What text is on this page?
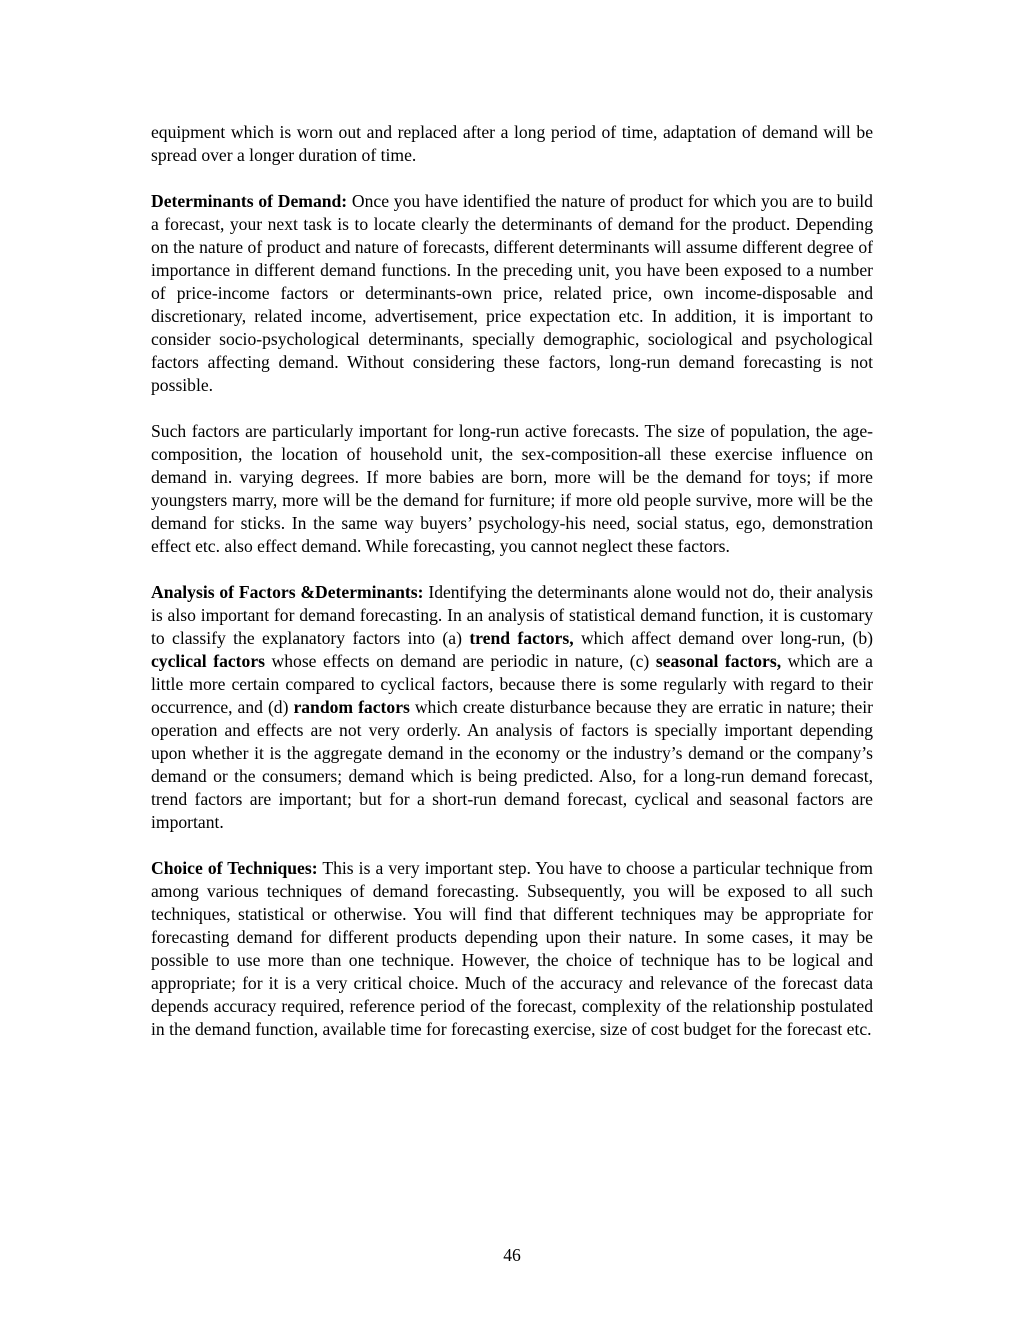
equipment which is worn out and replaced after a long period of time, adaptation of demand will be spread over a longer duration of time.

Determinants of Demand: Once you have identified the nature of product for which you are to build a forecast, your next task is to locate clearly the determinants of demand for the product. Depending on the nature of product and nature of forecasts, different determinants will assume different degree of importance in different demand functions. In the preceding unit, you have been exposed to a number of price-income factors or determinants-own price, related price, own income-disposable and discretionary, related income, advertisement, price expectation etc. In addition, it is important to consider socio-psychological determinants, specially demographic, sociological and psychological factors affecting demand. Without considering these factors, long-run demand forecasting is not possible.

Such factors are particularly important for long-run active forecasts. The size of population, the age-composition, the location of household unit, the sex-composition-all these exercise influence on demand in. varying degrees. If more babies are born, more will be the demand for toys; if more youngsters marry, more will be the demand for furniture; if more old people survive, more will be the demand for sticks. In the same way buyers’ psychology-his need, social status, ego, demonstration effect etc. also effect demand. While forecasting, you cannot neglect these factors.

Analysis of Factors &Determinants: Identifying the determinants alone would not do, their analysis is also important for demand forecasting. In an analysis of statistical demand function, it is customary to classify the explanatory factors into (a) trend factors, which affect demand over long-run, (b) cyclical factors whose effects on demand are periodic in nature, (c) seasonal factors, which are a little more certain compared to cyclical factors, because there is some regularly with regard to their occurrence, and (d) random factors which create disturbance because they are erratic in nature; their operation and effects are not very orderly. An analysis of factors is specially important depending upon whether it is the aggregate demand in the economy or the industry’s demand or the company’s demand or the consumers; demand which is being predicted. Also, for a long-run demand forecast, trend factors are important; but for a short-run demand forecast, cyclical and seasonal factors are important.

Choice of Techniques: This is a very important step. You have to choose a particular technique from among various techniques of demand forecasting. Subsequently, you will be exposed to all such techniques, statistical or otherwise. You will find that different techniques may be appropriate for forecasting demand for different products depending upon their nature. In some cases, it may be possible to use more than one technique. However, the choice of technique has to be logical and appropriate; for it is a very critical choice. Much of the accuracy and relevance of the forecast data depends accuracy required, reference period of the forecast, complexity of the relationship postulated in the demand function, available time for forecasting exercise, size of cost budget for the forecast etc.

46
